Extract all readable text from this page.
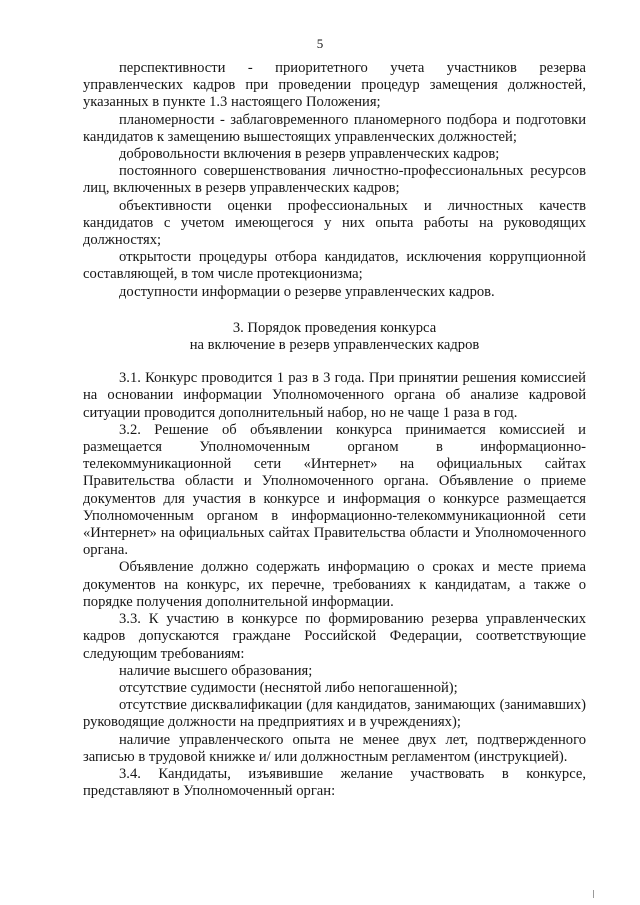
5

перспективности - приоритетного учета участников резерва управленческих кадров при проведении процедур замещения должностей, указанных в пункте 1.3 настоящего Положения;

планомерности - заблаговременного планомерного подбора и подготовки кандидатов к замещению вышестоящих управленческих должностей;

добровольности включения в резерв управленческих кадров;

постоянного совершенствования личностно-профессиональных ресурсов лиц, включенных в резерв управленческих кадров;

объективности оценки профессиональных и личностных качеств кандидатов с учетом имеющегося у них опыта работы на руководящих должностях;

открытости процедуры отбора кандидатов, исключения коррупционной составляющей, в том числе протекционизма;

доступности информации о резерве управленческих кадров.

3. Порядок проведения конкурса
на включение в резерв управленческих кадров

3.1. Конкурс проводится 1 раз в 3 года. При принятии решения комиссией на основании информации Уполномоченного органа об анализе кадровой ситуации проводится дополнительный набор, но не чаще 1 раза в год.

3.2. Решение об объявлении конкурса принимается комиссией и размещается Уполномоченным органом в информационно-телекоммуникационной сети «Интернет» на официальных сайтах Правительства области и Уполномоченного органа. Объявление о приеме документов для участия в конкурсе и информация о конкурсе размещается Уполномоченным органом в информационно-телекоммуникационной сети «Интернет» на официальных сайтах Правительства области и Уполномоченного органа.

Объявление должно содержать информацию о сроках и месте приема документов на конкурс, их перечне, требованиях к кандидатам, а также о порядке получения дополнительной информации.

3.3. К участию в конкурсе по формированию резерва управленческих кадров допускаются граждане Российской Федерации, соответствующие следующим требованиям:

наличие высшего образования;

отсутствие судимости (неснятой либо непогашенной);

отсутствие дисквалификации (для кандидатов, занимающих (занимавших) руководящие должности на предприятиях и в учреждениях);

наличие управленческого опыта не менее двух лет, подтвержденного записью в трудовой книжке и/ или должностным регламентом (инструкцией).

3.4. Кандидаты, изъявившие желание участвовать в конкурсе, представляют в Уполномоченный орган:
